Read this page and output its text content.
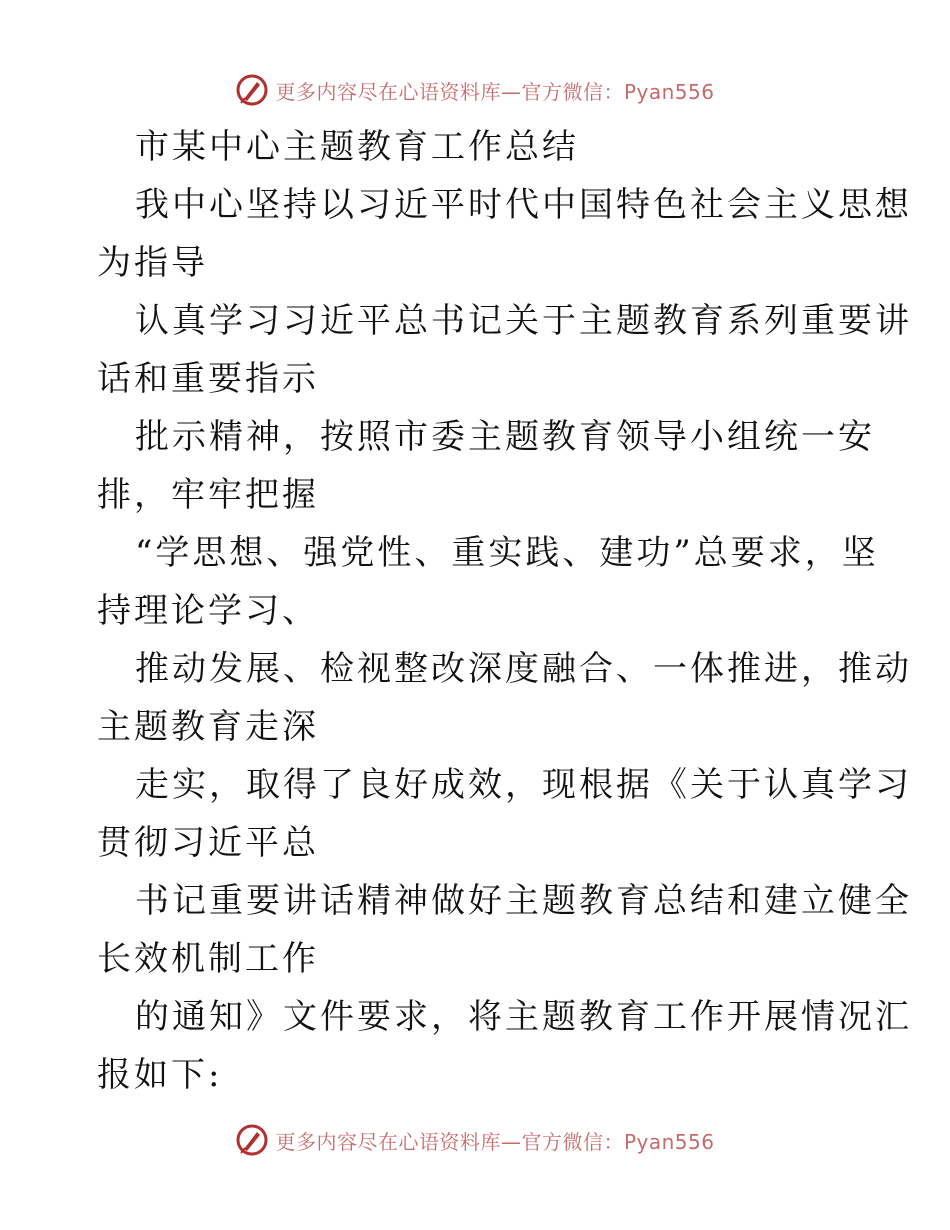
更多内容尽在心语资料库—官方微信：Pyan556

市某中心主题教育工作总结

我中心坚持以习近平时代中国特色社会主义思想
为指导

认真学习习近平总书记关于主题教育系列重要讲
话和重要指示

批示精神，按照市委主题教育领导小组统一安
排，牢牢把握

“学思想、强党性、重实践、建功”总要求，坚
持理论学习、

推动发展、检视整改深度融合、一体推进，推动
主题教育走深

走实，取得了良好成效，现根据《关于认真学习
贯彻习近平总

书记重要讲话精神做好主题教育总结和建立健全
长效机制工作

的通知》文件要求，将主题教育工作开展情况汇
报如下:

更多内容尽在心语资料库—官方微信：Pyan556
